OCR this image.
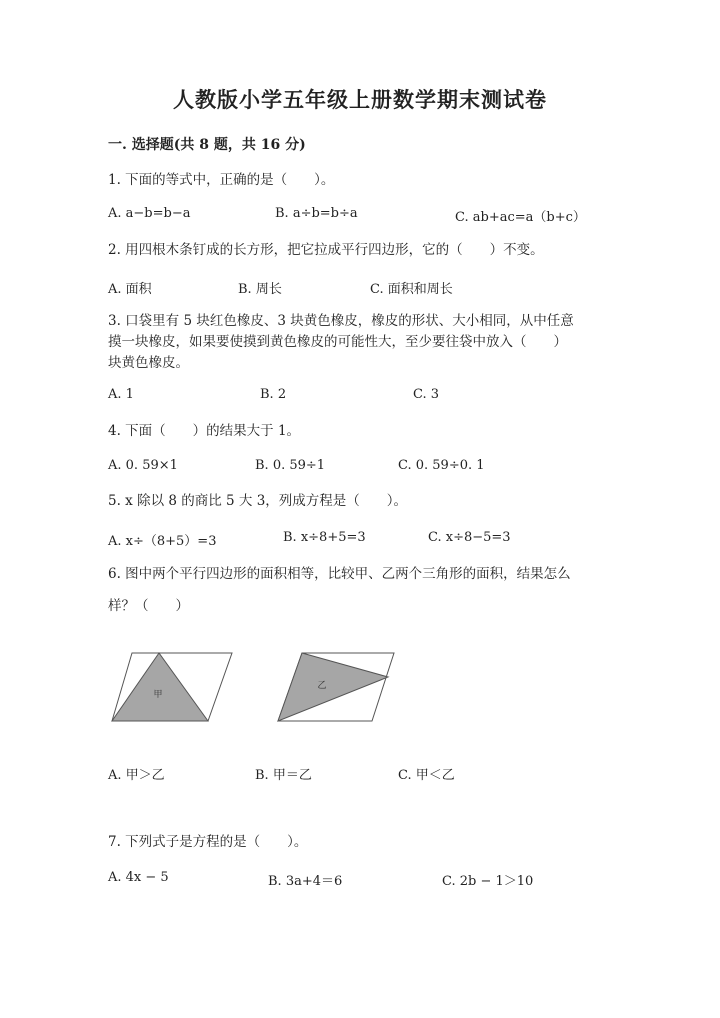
人教版小学五年级上册数学期末测试卷
一. 选择题(共 8 题，共 16 分)
1. 下面的等式中，正确的是（　　）。
A. a−b=b−a	B. a÷b=b÷a	C. ab+ac=a（b+c）
2. 用四根木条钉成的长方形，把它拉成平行四边形，它的（　　）不变。
A. 面积	B. 周长	C. 面积和周长
3. 口袋里有 5 块红色橡皮、3 块黄色橡皮，橡皮的形状、大小相同，从中任意
摸一块橡皮，如果要使摸到黄色橡皮的可能性大，至少要往袋中放入（　　）
块黄色橡皮。
A. 1	B. 2	C. 3
4. 下面（　　）的结果大于 1。
A. 0. 59×1	B. 0. 59÷1	C. 0. 59÷0. 1
5. x 除以 8 的商比 5 大 3，列成方程是（　　）。
A. x÷（8+5）=3	B. x÷8+5=3	C. x÷8−5=3
6. 图中两个平行四边形的面积相等，比较甲、乙两个三角形的面积，结果怎么
样？（　　）
甲
乙
A. 甲＞乙	B. 甲＝乙	C. 甲＜乙
7. 下列式子是方程的是（　　）。
A. 4x − 5	B. 3a+4＝6	C. 2b − 1＞10
